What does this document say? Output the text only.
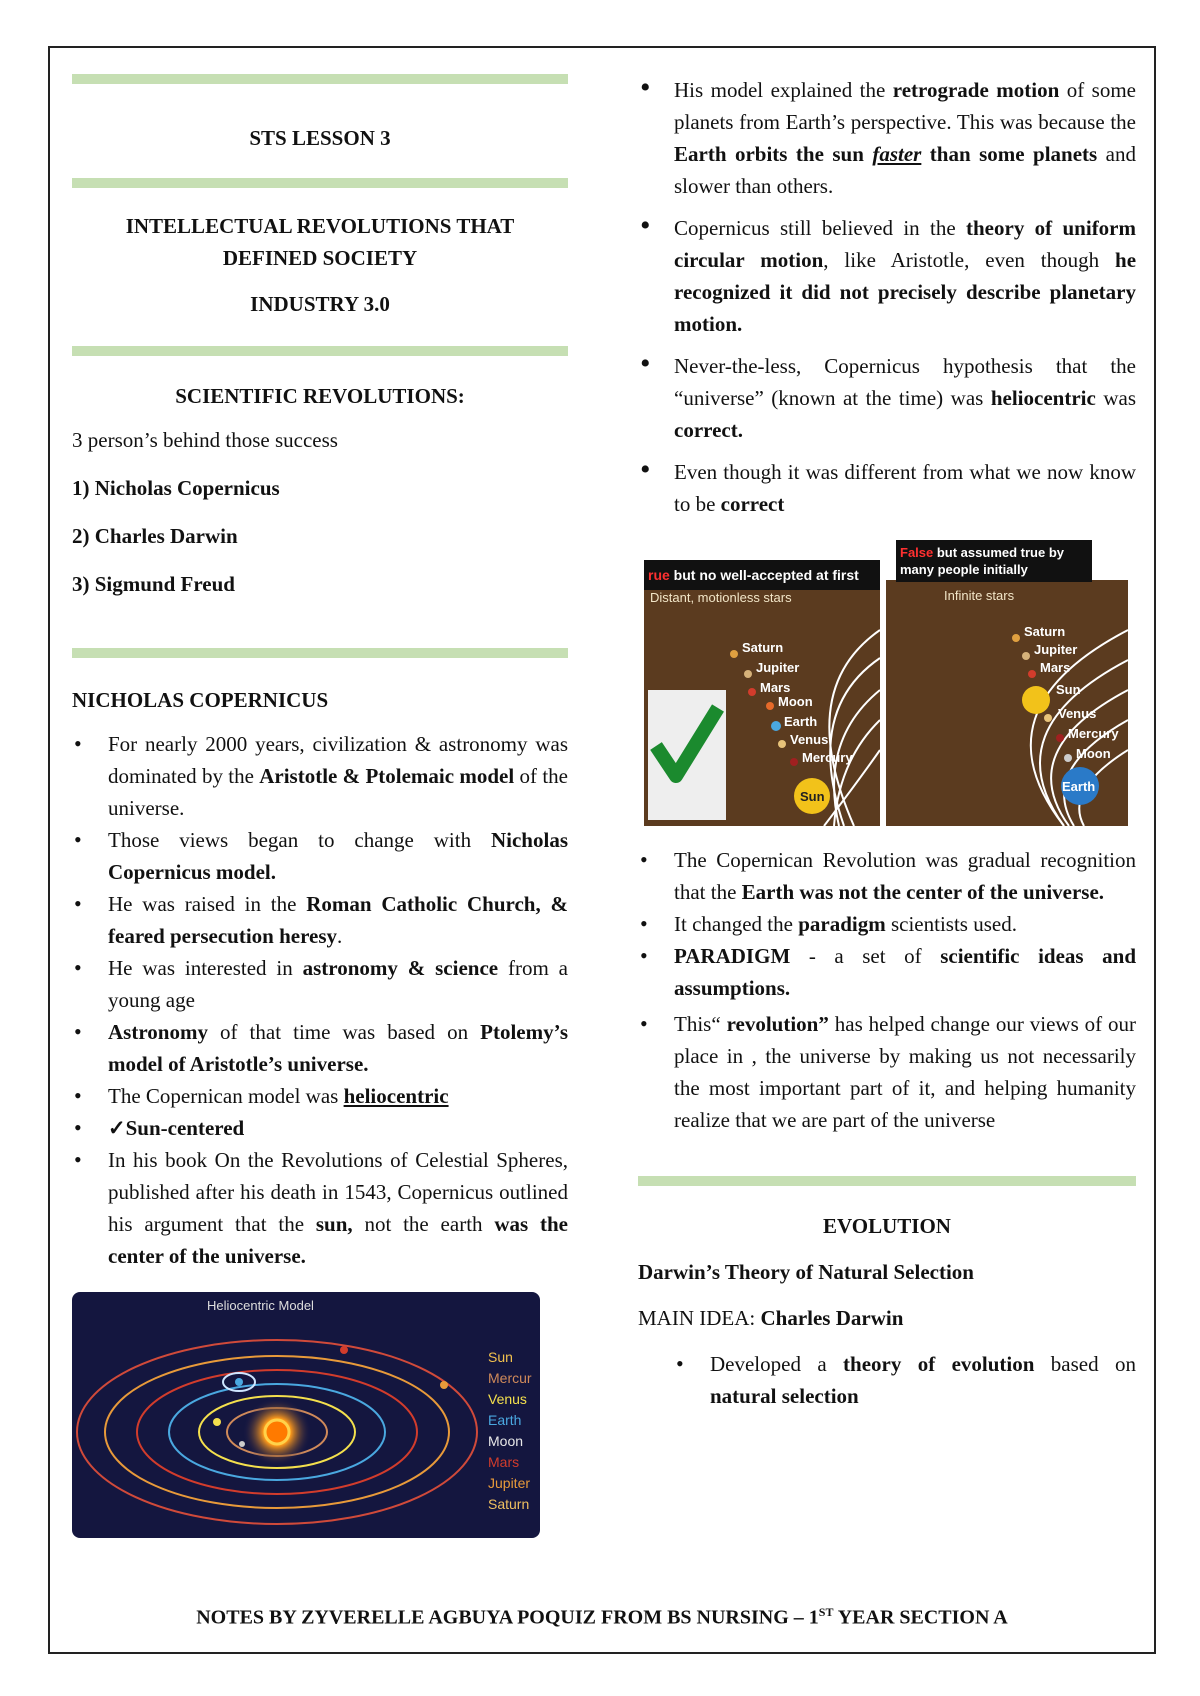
STS LESSON 3
INTELLECTUAL REVOLUTIONS THAT
DEFINED SOCIETY
INDUSTRY 3.0
SCIENTIFIC REVOLUTIONS:
3 person’s behind those success
1) Nicholas Copernicus
2) Charles Darwin
3) Sigmund Freud
NICHOLAS COPERNICUS
• For nearly 2000 years, civilization & astronomy was dominated by the Aristotle & Ptolemaic model of the universe.
• Those views began to change with Nicholas Copernicus model.
• He was raised in the Roman Catholic Church, & feared persecution heresy.
• He was interested in astronomy & science from a young age
• Astronomy of that time was based on Ptolemy’s model of Aristotle’s universe.
• The Copernican model was heliocentric
• ✓Sun-centered
• In his book On the Revolutions of Celestial Spheres, published after his death in 1543, Copernicus outlined his argument that the sun, not the earth was the center of the universe.
Heliocentric Model
Sun
Mercur
Venus
Earth
Moon
Mars
Jupiter
Saturn
• His model explained the retrograde motion of some planets from Earth’s perspective. This was because the Earth orbits the sun faster than some planets and slower than others.
• Copernicus still believed in the theory of uniform circular motion, like Aristotle, even though he recognized it did not precisely describe planetary motion.
• Never-the-less, Copernicus hypothesis that the “universe” (known at the time) was heliocentric was correct.
• Even though it was different from what we now know to be correct
rue but no well-accepted at first
Distant, motionless stars
Saturn
Jupiter
Mars
Moon
Earth
Venus
Mercury
Sun
False but assumed true by
many people initially
Infinite stars
Saturn
Jupiter
Mars
Sun
Venus
Mercury
Moon
Earth
• The Copernican Revolution was gradual recognition that the Earth was not the center of the universe.
• It changed the paradigm scientists used.
• PARADIGM - a set of scientific ideas and assumptions.
• This“ revolution” has helped change our views of our place in , the universe by making us not necessarily the most important part of it, and helping humanity realize that we are part of the universe
EVOLUTION
Darwin’s Theory of Natural Selection
MAIN IDEA: Charles Darwin
• Developed a theory of evolution based on natural selection
NOTES BY ZYVERELLE AGBUYA POQUIZ FROM BS NURSING – 1ST YEAR SECTION A
